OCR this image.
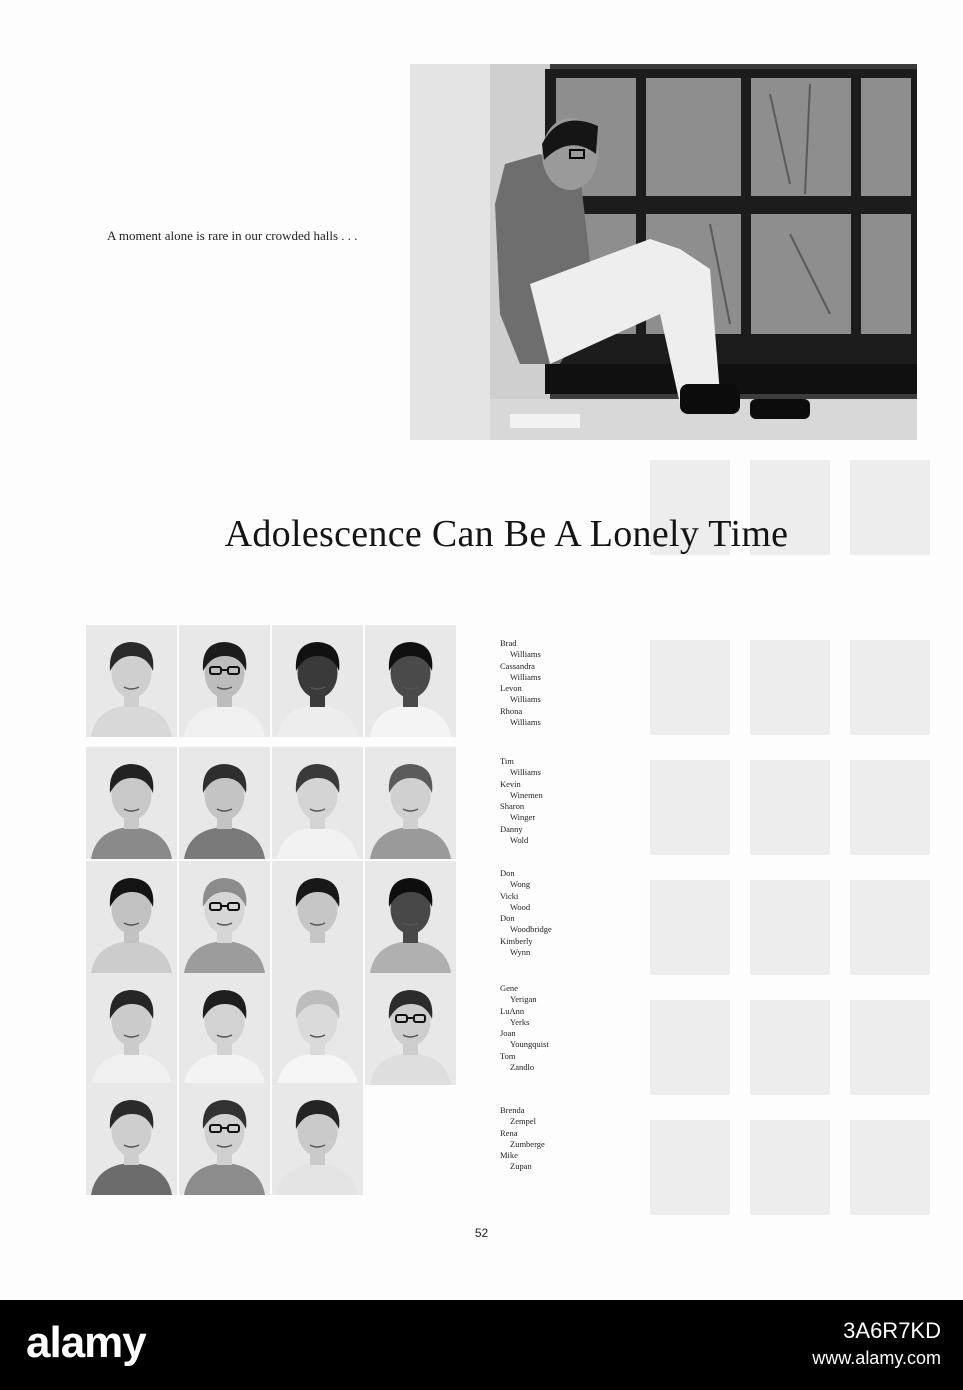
A moment alone is rare in our crowded halls . . .
Adolescence Can Be A Lonely Time
Brad
Williams
Cassandra
Williams
Levon
Williams
Rhona
Williams
Tim
Williams
Kevin
Winemen
Sharon
Winger
Danny
Wold
Don
Wong
Vicki
Wood
Don
Woodbridge
Kimberly
Wynn
Gene
Yerigan
LuAnn
Yerks
Joan
Youngquist
Tom
Zandlo
Brenda
Zempel
Rena
Zumberge
Mike
Zupan
52
alamy	3A6R7KD
www.alamy.com
